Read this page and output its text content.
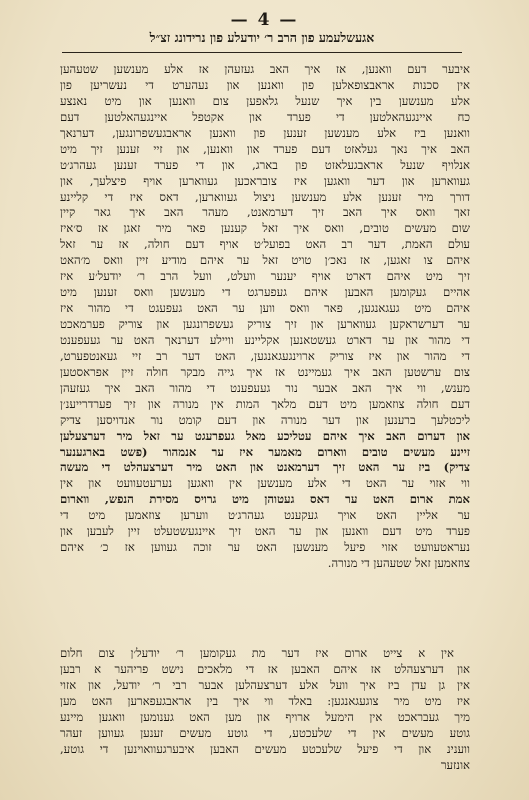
— 4 —
אגעשלעמע פון הרב ר׳ יודעלע פון נרידונג זצ״ל
איבער דעם וואנען, אז איך האב געזעהן אז אלע מענשען שטעהען
אין סכנות אראבצופאלען פון וואנען און נעהערט די נעשריען פון
אלע מענשען בין איך שנעל גלאפען צום וואנען און מיט נאנצע
כח איינגעהאלטען די פערד און אקטפל איינגעהאלטען דעם
וואנען ביז אלע מענשען זענען פון וואנען אראבגעשפרונגען, דערנאך
האב איך נאך געלאזט דעם פערד און וואנען, און זיי זענען זיך מיט
אנלויף שנעל אראבגעלאזט פון בארג, און די פערד זענען געהרג׳ט
געווארען און דער וואגען איז צובראכען געווארען אויף פיצלעך, און
דורך מיר זענען אלע מענשען ניצול געווארען, דאס איז די קליינע
זאך וואס איך האב זיך דערמאנט, מעהר האב איך גאר קיין
שום מעשים טובים, וואס איך זאל קענען פאר מיר זאגן אז ס׳איז
עולם האמת, דער רב האט בפועל׳ט אויף דעם חולה, אז ער זאל
איהם צו זאגען, אז נאכ׳ן טויט זאל ער איהם מודיע זיין וואס מ׳האט
זיך מיט איהם דארט אויף יענער וועלט, וועל הרב ר׳ יודעל׳ע איז
אהיים געקומען האבען איהם געפערגט די מענשען וואס זענען מיט
איהם מיט געגאנגען, פאר וואס ווען ער האט געפעגט די מהור איז
ער דערשראקען געווארען און זיך צוריק געשפרונגען און צוריק פערמאכט
די מהור און ער דארט געשטאנען אקליינע וויילע דערנאך האט ער געעפענט
די מהור און איז צוריק ארוינגעגאנגען, האט דער רב זיי געאנטפערט,
צום ערשטען האב איך געמיינט אז איך גייה מבקר חולה זיין אפראסטען
מענש, ווי איך האב אבער נור געעפענט די מהור האב איך געזעהן
דעם חולה צוזאמען מיט דעם מלאך המות אין מנורה און זיך פערדרייענ׳ן
ליכטלעך ברענען און דער מנורה און דעם קומט נור אנדויסען צדיק
און דערום האב איך איהם עטליכע מאל געפרעגט ער זאל מיר דערצעלען
זיינע מעשים טובים ווארום מאמער איז ער אנמהור (פשט בארגענער
צדיק) ביז ער האט זיך דערמאנט און האט מיר דערצעהלט די מעשה
ווי אזוי ער האט די אלע מענשען אין וואגען נערעטעוועט און אין
אמת ארום האט ער דאס געטוהן מיט גרויס מסירת הנפש, ווארום
ער אליין האט אויך געקענט געהרג׳ט ווערען צוזאמען מיט די
פערד מיט דעם וואנען און ער האט זיך איינגעשטעלט זיין לעבען און
נעראטעוועט אזוי פיעל מענשען האט ער זוכה געווען אז כ׳ איהם
צוזאמען זאל שטעהען די מנורה.
אין א צייט ארום איז דער מת געקומען ר׳ יודעל׳ן צום חלום
און דערצעהלט אז איהם האבען אז די מלאכים נישט פריהער א רבען
אין גן עדן ביז איך וועל אלע דערצעהלען אבער רבי ר׳ יודעל, און אזוי
איז מיט מיר צוגעגאנגען: באלד ווי איך בין אראבגעפארען האט מען
מיך געבראכט אין הימעל ארויף און מען האט גענומען וואגען מיינע
גוטע מעשים אין די שלעכטע, די גוטע מעשים זענען געווען זעהר
ווענינ און די פיעל שלעכטע מעשים האבען איבערגעוואוינען די גוטע,
אונזער
